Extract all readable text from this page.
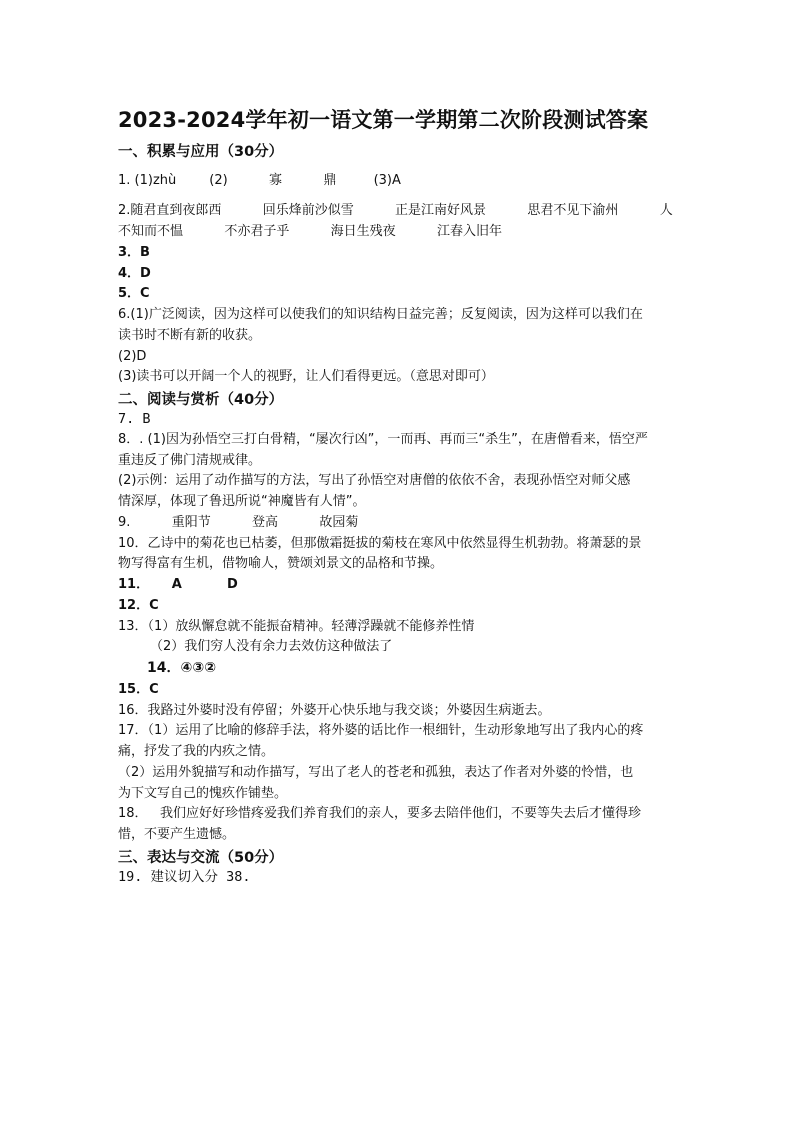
2023-2024学年初一语文第一学期第二次阶段测试答案
一、积累与应用（30分）
1. (1)zhù        (2)          寡          鼎         (3)A
2.随君直到夜郎西          回乐烽前沙似雪          正是江南好风景          思君不见下渝州          人
不知而不愠          不亦君子乎          海日生残夜          江春入旧年
3．B
4．D
5．C
6.(1)广泛阅读，因为这样可以使我们的知识结构日益完善；反复阅读，因为这样可以我们在
读书时不断有新的收获。
(2)D
(3)读书可以开阔一个人的视野，让人们看得更远。（意思对即可）
二、阅读与赏析（40分）
7. B
8．. (1)因为孙悟空三打白骨精，“屡次行凶”，一而再、再而三“杀生”，在唐僧看来，悟空严
重违反了佛门清规戒律。
(2)示例：运用了动作描写的方法，写出了孙悟空对唐僧的依依不舍，表现孙悟空对师父感
情深厚，体现了鲁迅所说“神魔皆有人情”。
9.          重阳节          登高          故园菊
10．乙诗中的菊花也已枯萎，但那傲霜挺拔的菊枝在寒风中依然显得生机勃勃。将萧瑟的景
物写得富有生机，借物喻人，赞颂刘景文的品格和节操。
11．     A          D
12．C
13．（1）放纵懈怠就不能振奋精神。轻薄浮躁就不能修养性情
（2）我们穷人没有余力去效仿这种做法了
14．④③②
15．C
16．我路过外婆时没有停留；外婆开心快乐地与我交谈；外婆因生病逝去。
17．（1）运用了比喻的修辞手法，将外婆的话比作一根细针，生动形象地写出了我内心的疼
痛，抒发了我的内疚之情。
（2）运用外貌描写和动作描写，写出了老人的苍老和孤独，表达了作者对外婆的怜惜，也
为下文写自己的愧疚作铺垫。
18．   我们应好好珍惜疼爱我们养育我们的亲人，要多去陪伴他们，不要等失去后才懂得珍
惜，不要产生遗憾。
三、表达与交流（50分）
19. 建议切入分 38.
